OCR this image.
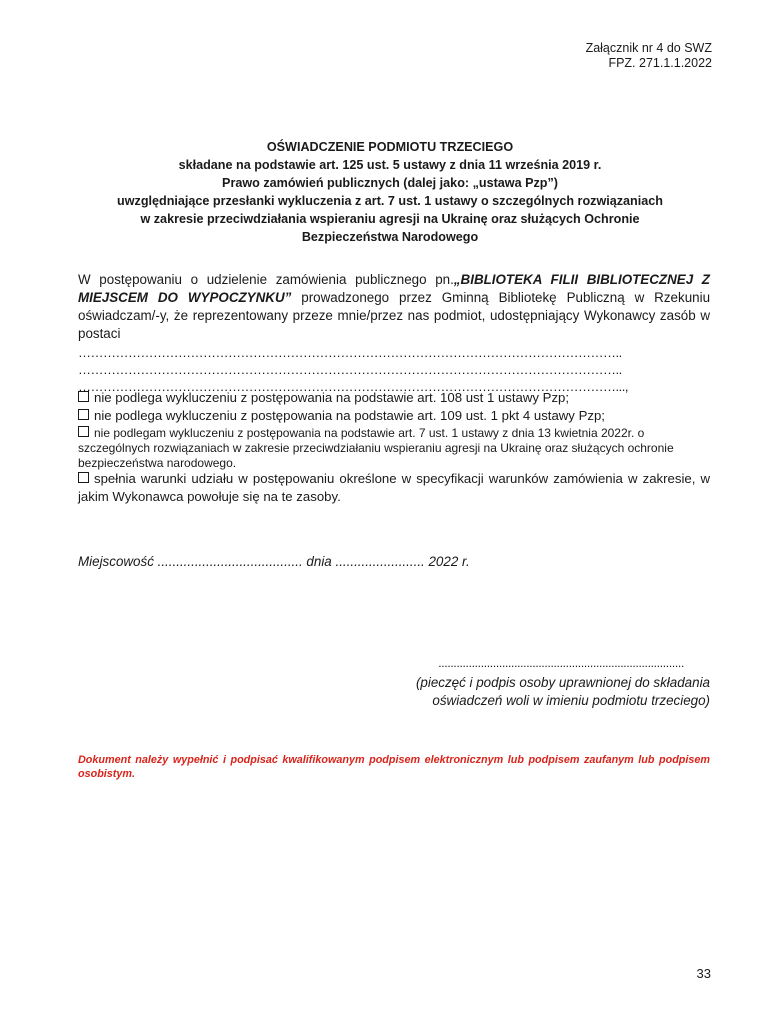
Załącznik nr 4 do SWZ
FPZ. 271.1.1.2022
OŚWIADCZENIE PODMIOTU TRZECIEGO
składane na podstawie art. 125 ust. 5 ustawy z dnia 11 września 2019 r.
Prawo zamówień publicznych (dalej jako: „ustawa Pzp”)
uwzględniające przesłanki wykluczenia z art. 7 ust. 1 ustawy o szczególnych rozwiązaniach
w zakresie przeciwdziałania wspieraniu agresji na Ukrainę oraz służących Ochronie
Bezpieczeństwa Narodowego
W postępowaniu o udzielenie zamówienia publicznego pn.„BIBLIOTEKA FILII BIBLIOTECZNEJ Z MIEJSCEM DO WYPOCZYNKU” prowadzonego przez Gminną Bibliotekę Publiczną w Rzekuniu oświadczam/-y, że reprezentowany przeze mnie/przez nas podmiot, udostępniający Wykonawcy zasób w postaci
…………………………………………………………………………………………………………………..
…………………………………………………………………………………………………………………..
…………………………………………………………………………………………………………………...,
nie podlega wykluczeniu z postępowania na podstawie art. 108 ust 1 ustawy Pzp;
nie podlega wykluczeniu z postępowania na podstawie art. 109 ust. 1 pkt 4 ustawy Pzp;
nie podlegam wykluczeniu z postępowania na podstawie art. 7 ust. 1 ustawy z dnia 13 kwietnia 2022r. o szczególnych rozwiązaniach w zakresie przeciwdziałaniu wspieraniu agresji na Ukrainę oraz służących ochronie bezpieczeństwa narodowego.
spełnia warunki udziału w postępowaniu określone w specyfikacji warunków zamówienia w zakresie, w jakim Wykonawca powołuje się na te zasoby.
Miejscowość ....................................... dnia ........................ 2022 r.
.................................................................................
(pieczęć i podpis osoby uprawnionej do składania
oświadczeń woli w imieniu podmiotu trzeciego)
Dokument należy wypełnić i podpisać kwalifikowanym podpisem elektronicznym lub podpisem zaufanym lub podpisem osobistym.
33
